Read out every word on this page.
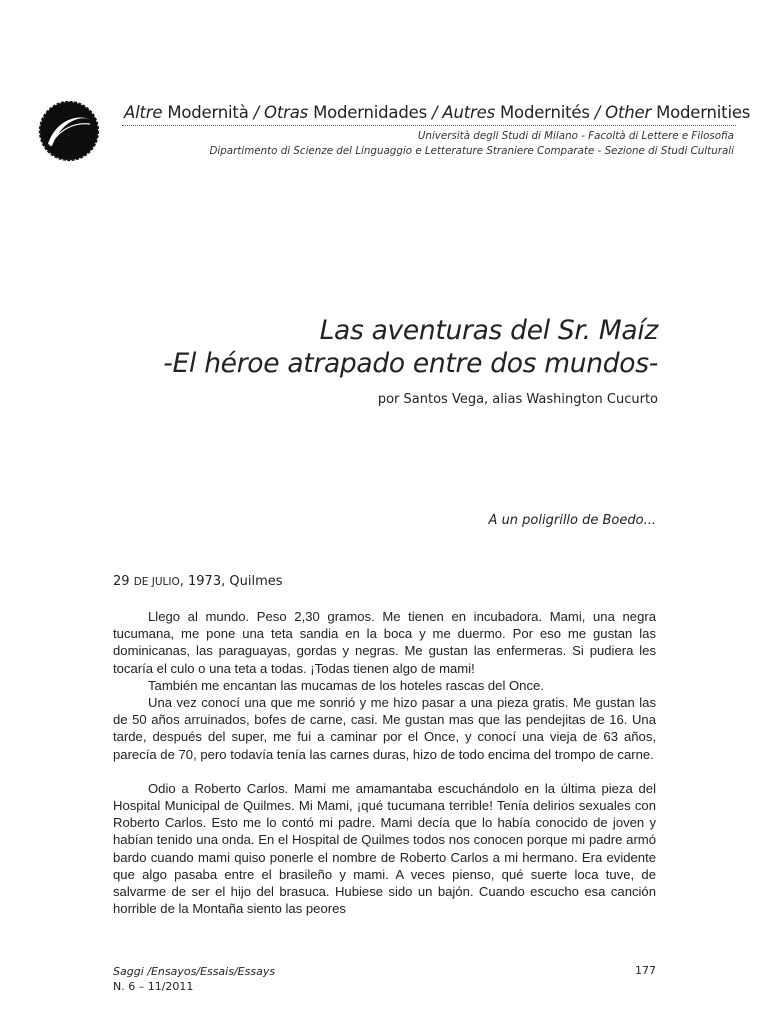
Altre Modernità / Otras Modernidades / Autres Modernités / Other Modernities
Università degli Studi di Milano - Facoltà di Lettere e Filosofia
Dipartimento di Scienze del Linguaggio e Letterature Straniere Comparate - Sezione di Studi Culturali
Las aventuras del Sr. Maíz
-El héroe atrapado entre dos mundos-
por Santos Vega, alias Washington Cucurto
A un poligrillo de Boedo...
29 DE JULIO, 1973, Quilmes

Llego al mundo. Peso 2,30 gramos. Me tienen en incubadora. Mami, una negra tucumana, me pone una teta sandia en la boca y me duermo. Por eso me gustan las dominicanas, las paraguayas, gordas y negras. Me gustan las enfermeras. Si pudiera les tocaría el culo o una teta a todas. ¡Todas tienen algo de mami!

También me encantan las mucamas de los hoteles rascas del Once.

Una vez conocí una que me sonrió y me hizo pasar a una pieza gratis. Me gustan las de 50 años arruinados, bofes de carne, casi. Me gustan mas que las pendejitas de 16. Una tarde, después del super, me fui a caminar por el Once, y conocí una vieja de 63 años, parecía de 70, pero todavía tenía las carnes duras, hizo de todo encima del trompo de carne.

Odio a Roberto Carlos. Mami me amamantaba escuchándolo en la última pieza del Hospital Municipal de Quilmes. Mi Mami, ¡qué tucumana terrible! Tenía delirios sexuales con Roberto Carlos. Esto me lo contó mi padre. Mami decía que lo había conocido de joven y habían tenido una onda. En el Hospital de Quilmes todos nos conocen porque mi padre armó bardo cuando mami quiso ponerle el nombre de Roberto Carlos a mi hermano. Era evidente que algo pasaba entre el brasileño y mami. A veces pienso, qué suerte loca tuve, de salvarme de ser el hijo del brasuca. Hubiese sido un bajón. Cuando escucho esa canción horrible de la Montaña siento las peores

Saggi /Ensayos/Essais/Essays
N. 6 – 11/2011
177
